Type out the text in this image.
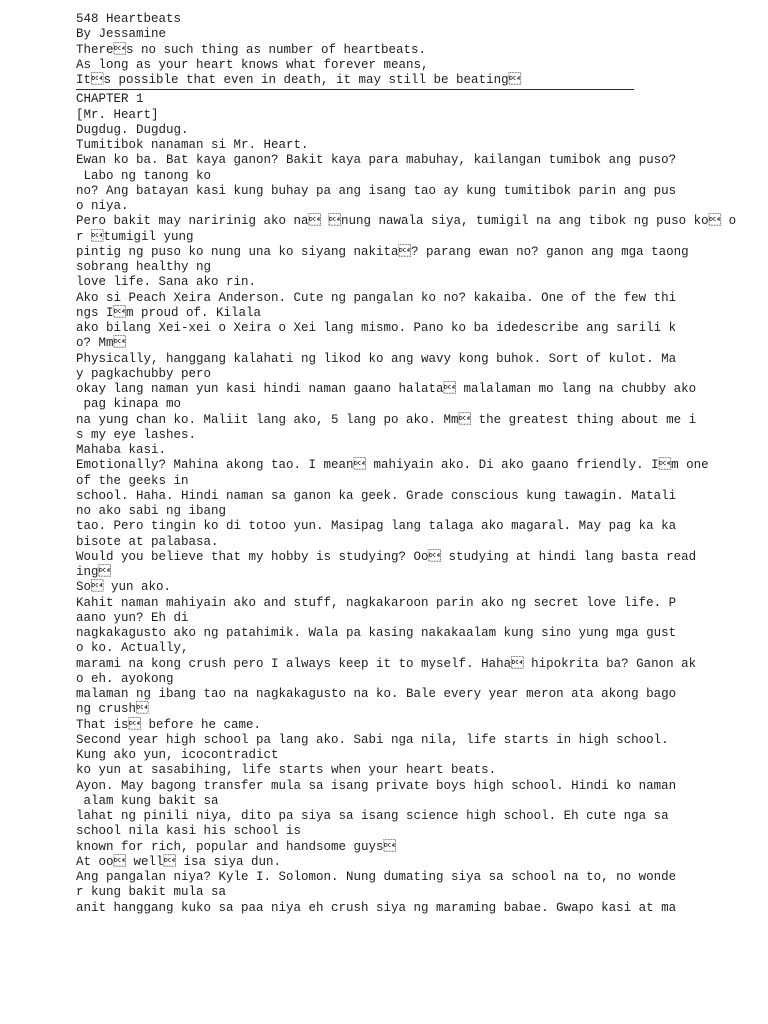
548 Heartbeats
By Jessamine
Theres no such thing as number of heartbeats.
As long as your heart knows what forever means,
Its possible that even in death, it may still be beating
CHAPTER 1
[Mr. Heart]
Dugdug. Dugdug.
Tumitibok nanaman si Mr. Heart.
Ewan ko ba. Bat kaya ganon? Bakit kaya para mabuhay, kailangan tumibok ang puso?
Labo ng tanong ko
no? Ang batayan kasi kung buhay pa ang isang tao ay kung tumitibok parin ang pus
o niya.
Pero bakit may naririnig ako na nung nawala siya, tumigil na ang tibok ng puso ko o
r tumigil yung
pintig ng puso ko nung una ko siyang nakita? parang ewan no? ganon ang mga taong
sobrang healthy ng
love life. Sana ako rin.
Ako si Peach Xeira Anderson. Cute ng pangalan ko no? kakaiba. One of the few thi
ngs Im proud of. Kilala
ako bilang Xei-xei o Xeira o Xei lang mismo. Pano ko ba idedescribe ang sarili k
o? Mm
Physically, hanggang kalahati ng likod ko ang wavy kong buhok. Sort of kulot. Ma
y pagkachubby pero
okay lang naman yun kasi hindi naman gaano halata malalaman mo lang na chubby ako
pag kinapa mo
na yung chan ko. Maliit lang ako, 5 lang po ako. Mm the greatest thing about me i
s my eye lashes.
Mahaba kasi.
Emotionally? Mahina akong tao. I mean mahiyain ako. Di ako gaano friendly. Im one
of the geeks in
school. Haha. Hindi naman sa ganon ka geek. Grade conscious kung tawagin. Matali
no ako sabi ng ibang
tao. Pero tingin ko di totoo yun. Masipag lang talaga ako magaral. May pag ka ka
bisote at palabasa.
Would you believe that my hobby is studying? Oo studying at hindi lang basta read
ing
So yun ako.
Kahit naman mahiyain ako and stuff, nagkakaroon parin ako ng secret love life. P
aano yun? Eh di
nagkakagusto ako ng patahimik. Wala pa kasing nakakaalam kung sino yung mga gust
o ko. Actually,
marami na kong crush pero I always keep it to myself. Haha hipokrita ba? Ganon ak
o eh. ayokong
malaman ng ibang tao na nagkakagusto na ko. Bale every year meron ata akong bago
ng crush
That is before he came.
Second year high school pa lang ako. Sabi nga nila, life starts in high school.
Kung ako yun, icocontradict
ko yun at sasabihing, life starts when your heart beats.
Ayon. May bagong transfer mula sa isang private boys high school. Hindi ko naman
alam kung bakit sa
lahat ng pinili niya, dito pa siya sa isang science high school. Eh cute nga sa
school nila kasi his school is
known for rich, popular and handsome guys
At oo well isa siya dun.
Ang pangalan niya? Kyle I. Solomon. Nung dumating siya sa school na to, no wonde
r kung bakit mula sa
anit hanggang kuko sa paa niya eh crush siya ng maraming babae. Gwapo kasi at ma
